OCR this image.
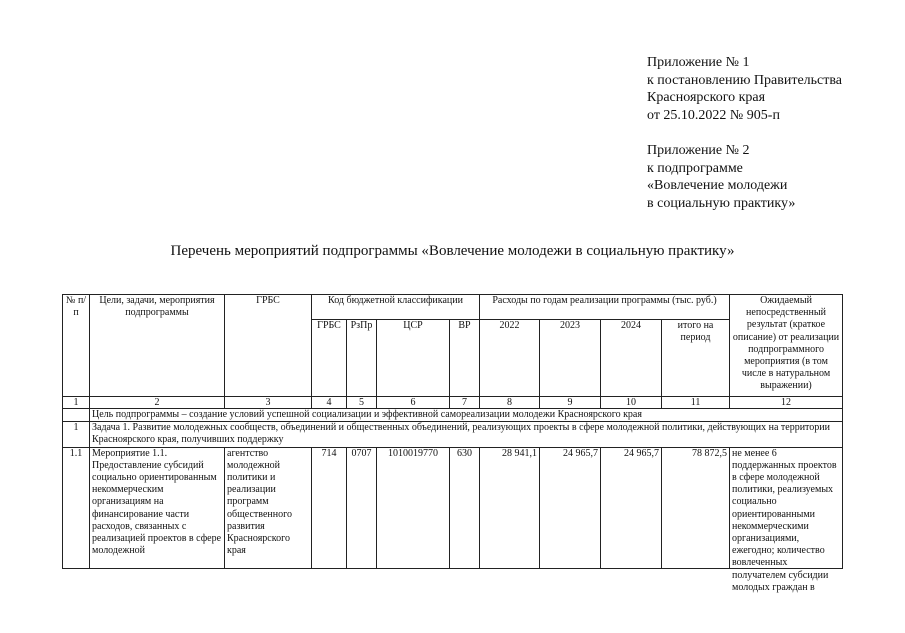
Приложение № 1
к постановлению Правительства
Красноярского края
от 25.10.2022 № 905-п
Приложение № 2
к подпрограмме
«Вовлечение молодежи
в социальную практику»
Перечень мероприятий подпрограммы «Вовлечение молодежи в социальную практику»
№ п/п	Цели, задачи, мероприятия подпрограммы	ГРБС	Код бюджетной классификации				Расходы по годам реализации программы (тыс. руб.)				Ожидаемый непосредственный результат (краткое описание) от реализации подпрограммного мероприятия (в том числе в натуральном выражении)
			ГРБС	РзПр	ЦСР	ВР	2022	2023	2024	итого на период	
1	2	3	4	5	6	7	8	9	10	11	12
	Цель подпрограммы – создание условий успешной социализации и эффективной самореализации молодежи Красноярского края										
1	Задача 1. Развитие молодежных сообществ, объединений и общественных объединений, реализующих проекты в сфере молодежной политики, действующих на территории Красноярского края, получивших поддержку										

1.1	Мероприятие 1.1. Предоставление субсидий социально ориентированным некоммерческим организациям на финансирование части расходов, связанных с реализацией проектов в сфере молодежной	агентство молодежной политики и реализации программ общественного развития Красноярского края	714	0707	1010019770	630	28 941,1	24 965,7	24 965,7	78 872,5	не менее 6 поддержанных проектов в сфере молодежной политики, реализуемых социально ориентированными некоммерческими организациями, ежегодно; количество вовлеченных получателем субсидии молодых граждан в
